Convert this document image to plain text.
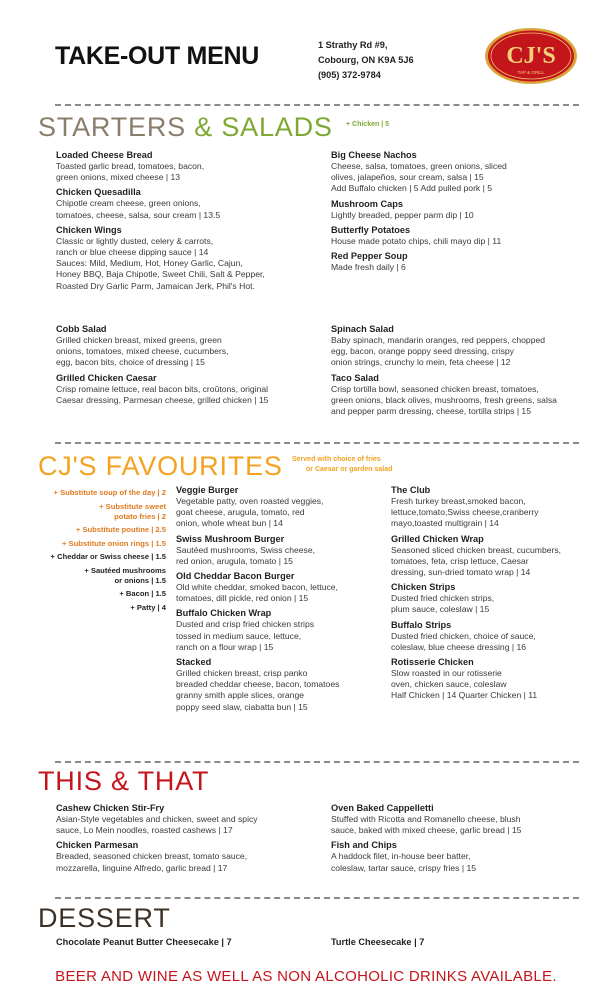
TAKE-OUT MENU	1 Strathy Rd #9,
Cobourg, ON K9A 5J6
(905) 372-9784
CJ'S
TAP & GRILL
STARTERS & SALADS + Chicken | 5
Loaded Cheese Bread
Toasted garlic bread, tomatoes, bacon,
green onions, mixed cheese | 13
Chicken Quesadilla
Chipotle cream cheese, green onions,
tomatoes, cheese, salsa, sour cream | 13.5
Chicken Wings
Classic or lightly dusted, celery & carrots,
ranch or blue cheese dipping sauce | 14
Sauces: Mild, Medium, Hot, Honey Garlic, Cajun,
Honey BBQ, Baja Chipotle, Sweet Chili, Salt & Pepper,
Roasted Dry Garlic Parm, Jamaican Jerk, Phil's Hot.
Big Cheese Nachos
Cheese, salsa, tomatoes, green onions, sliced
olives, jalapeños, sour cream, salsa | 15
Add Buffalo chicken | 5 Add pulled pork | 5
Mushroom Caps
Lightly breaded, pepper parm dip | 10
Butterfly Potatoes
House made potato chips, chili mayo dip | 11
Red Pepper Soup
Made fresh daily | 6
Cobb Salad
Grilled chicken breast, mixed greens, green
onions, tomatoes, mixed cheese, cucumbers,
egg, bacon bits, choice of dressing | 15
Grilled Chicken Caesar
Crisp romaine lettuce, real bacon bits, croûtons, original
Caesar dressing, Parmesan cheese, grilled chicken | 15
Spinach Salad
Baby spinach, mandarin oranges, red peppers, chopped
egg, bacon, orange poppy seed dressing, crispy
onion strings, crunchy lo mein, feta cheese | 12
Taco Salad
Crisp tortilla bowl, seasoned chicken breast, tomatoes,
green onions, black olives, mushrooms, fresh greens, salsa
and pepper parm dressing, cheese, tortilla strips | 15
CJ'S FAVOURITES Served with choice of fries
or Caesar or garden salad
+ Substitute soup of the day | 2
+ Substitute sweet
potato fries | 2
+ Substitute poutine | 2.5
+ Substitute onion rings | 1.5
+ Cheddar or Swiss cheese | 1.5
+ Sautéed mushrooms
or onions | 1.5
+ Bacon | 1.5
+ Patty | 4
Veggie Burger
Vegetable patty, oven roasted veggies,
goat cheese, arugula, tomato, red
onion, whole wheat bun | 14
Swiss Mushroom Burger
Sautéed mushrooms, Swiss cheese,
red onion, arugula, tomato | 15
Old Cheddar Bacon Burger
Old white cheddar, smoked bacon, lettuce,
tomatoes, dill pickle, red onion | 15
Buffalo Chicken Wrap
Dusted and crisp fried chicken strips
tossed in medium sauce, lettuce,
ranch on a flour wrap | 15
Stacked
Grilled chicken breast, crisp panko
breaded cheddar cheese, bacon, tomatoes
granny smith apple slices, orange
poppy seed slaw, ciabatta bun | 15
The Club
Fresh turkey breast,smoked bacon,
lettuce,tomato,Swiss cheese,cranberry
mayo,toasted multigrain | 14
Grilled Chicken Wrap
Seasoned sliced chicken breast, cucumbers,
tomatoes, feta, crisp lettuce, Caesar
dressing, sun-dried tomato wrap | 14
Chicken Strips
Dusted fried chicken strips,
plum sauce, coleslaw | 15
Buffalo Strips
Dusted fried chicken, choice of sauce,
coleslaw, blue cheese dressing | 16
Rotisserie Chicken
Slow roasted in our rotisserie
oven, chicken sauce, coleslaw
Half Chicken | 14 Quarter Chicken | 11
THIS & THAT
Cashew Chicken Stir-Fry
Asian-Style vegetables and chicken, sweet and spicy
sauce, Lo Mein noodles, roasted cashews | 17
Chicken Parmesan
Breaded, seasoned chicken breast, tomato sauce,
mozzarella, linguine Alfredo, garlic bread | 17
Oven Baked Cappelletti
Stuffed with Ricotta and Romanello cheese, blush
sauce, baked with mixed cheese, garlic bread | 15
Fish and Chips
A haddock filet, in-house beer batter,
coleslaw, tartar sauce, crispy fries | 15
DESSERT
Chocolate Peanut Butter Cheesecake | 7	Turtle Cheesecake | 7
BEER AND WINE AS WELL AS NON ALCOHOLIC DRINKS AVAILABLE.
